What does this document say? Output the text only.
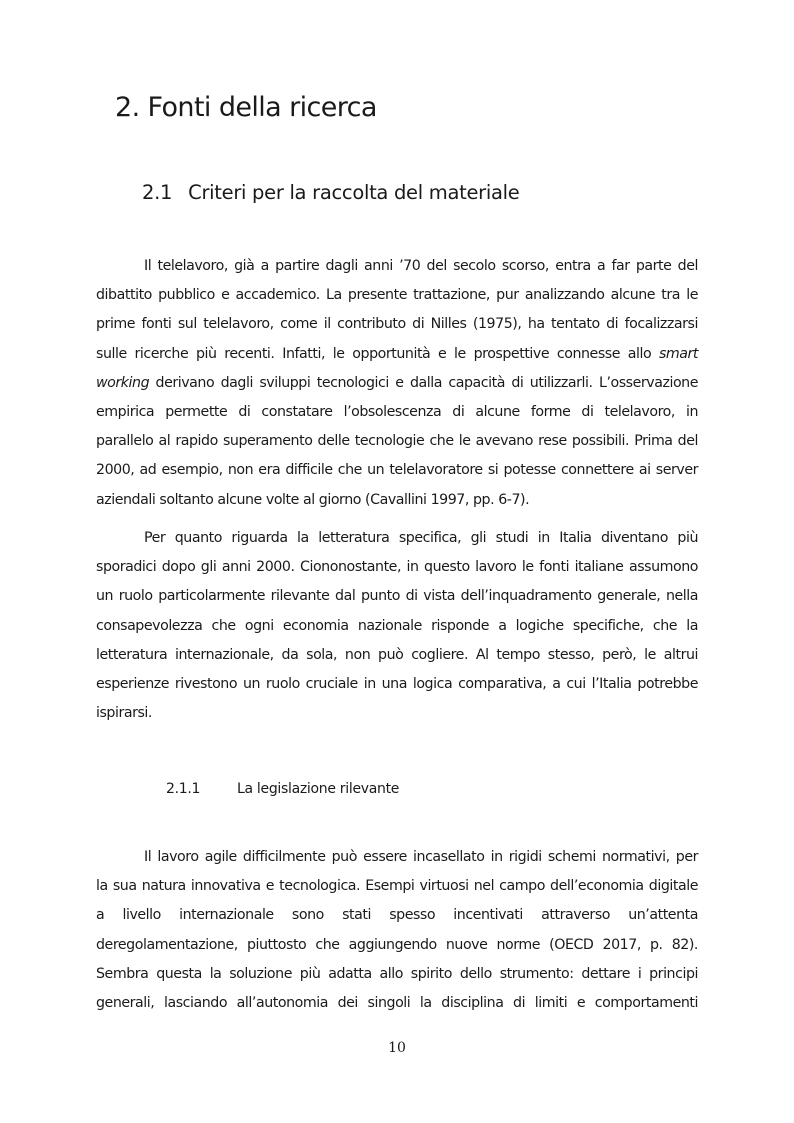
2. Fonti della ricerca
2.1 Criteri per la raccolta del materiale
Il telelavoro, già a partire dagli anni ’70 del secolo scorso, entra a far parte del
dibattito pubblico e accademico. La presente trattazione, pur analizzando alcune tra le
prime fonti sul telelavoro, come il contributo di Nilles (1975), ha tentato di focalizzarsi
sulle ricerche più recenti. Infatti, le opportunità e le prospettive connesse allo smart
working derivano dagli sviluppi tecnologici e dalla capacità di utilizzarli. L’osservazione
empirica permette di constatare l’obsolescenza di alcune forme di telelavoro, in
parallelo al rapido superamento delle tecnologie che le avevano rese possibili. Prima del
2000, ad esempio, non era difficile che un telelavoratore si potesse connettere ai server
aziendali soltanto alcune volte al giorno (Cavallini 1997, pp. 6-7).
Per quanto riguarda la letteratura specifica, gli studi in Italia diventano più
sporadici dopo gli anni 2000. Ciononostante, in questo lavoro le fonti italiane assumono
un ruolo particolarmente rilevante dal punto di vista dell’inquadramento generale, nella
consapevolezza che ogni economia nazionale risponde a logiche specifiche, che la
letteratura internazionale, da sola, non può cogliere. Al tempo stesso, però, le altrui
esperienze rivestono un ruolo cruciale in una logica comparativa, a cui l’Italia potrebbe
ispirarsi.
2.1.1	La legislazione rilevante
Il lavoro agile difficilmente può essere incasellato in rigidi schemi normativi, per
la sua natura innovativa e tecnologica. Esempi virtuosi nel campo dell’economia digitale
a livello internazionale sono stati spesso incentivati attraverso un’attenta
deregolamentazione, piuttosto che aggiungendo nuove norme (OECD 2017, p. 82).
Sembra questa la soluzione più adatta allo spirito dello strumento: dettare i principi
generali, lasciando all’autonomia dei singoli la disciplina di limiti e comportamenti
10
